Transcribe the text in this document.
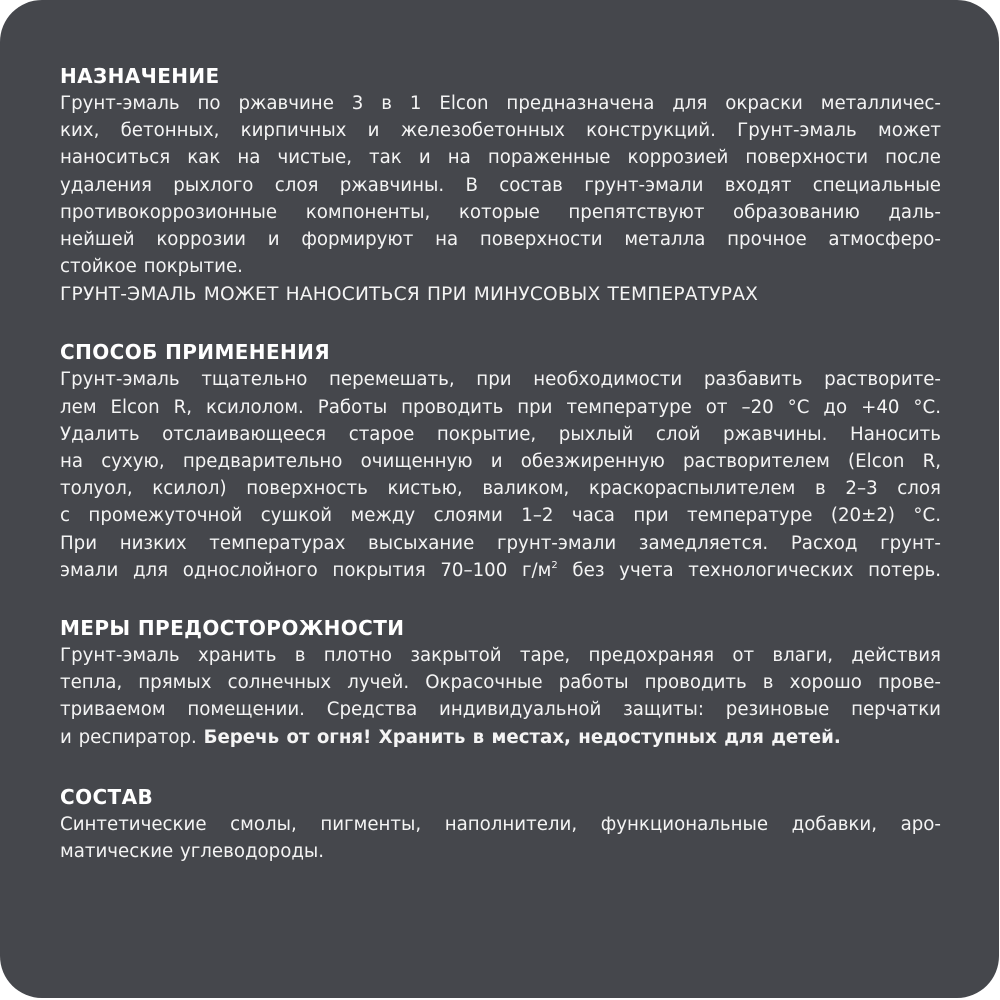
НАЗНАЧЕНИЕ
Грунт-эмаль по ржавчине 3 в 1 Elcon предназначена для окраски металличес-
ких, бетонных, кирпичных и железобетонных конструкций. Грунт-эмаль может
наноситься как на чистые, так и на пораженные коррозией поверхности после
удаления рыхлого слоя ржавчины. В состав грунт-эмали входят специальные
противокоррозионные компоненты, которые препятствуют образованию даль-
нейшей коррозии и формируют на поверхности металла прочное атмосферо-
стойкое покрытие.
ГРУНТ-ЭМАЛЬ МОЖЕТ НАНОСИТЬСЯ ПРИ МИНУСОВЫХ ТЕМПЕРАТУРАХ
СПОСОБ ПРИМЕНЕНИЯ
Грунт-эмаль тщательно перемешать, при необходимости разбавить растворите-
лем Elcon R, ксилолом. Работы проводить при температуре от –20 °С до +40 °С.
Удалить отслаивающееся старое покрытие, рыхлый слой ржавчины. Наносить
на сухую, предварительно очищенную и обезжиренную растворителем (Elcon R,
толуол, ксилол) поверхность кистью, валиком, краскораспылителем в 2–3 слоя
с промежуточной сушкой между слоями 1–2 часа при температуре (20±2) °С.
При низких температурах высыхание грунт-эмали замедляется. Расход грунт-
эмали для однослойного покрытия 70–100 $г/м^2$ без учета технологических потерь.
МЕРЫ ПРЕДОСТОРОЖНОСТИ
Грунт-эмаль хранить в плотно закрытой таре, предохраняя от влаги, действия
тепла, прямых солнечных лучей. Окрасочные работы проводить в хорошо прове-
триваемом помещении. Средства индивидуальной защиты: резиновые перчатки
и респиратор. Беречь от огня! Хранить в местах, недоступных для детей.
СОСТАВ
Синтетические смолы, пигменты, наполнители, функциональные добавки, аро-
матические углеводороды.
